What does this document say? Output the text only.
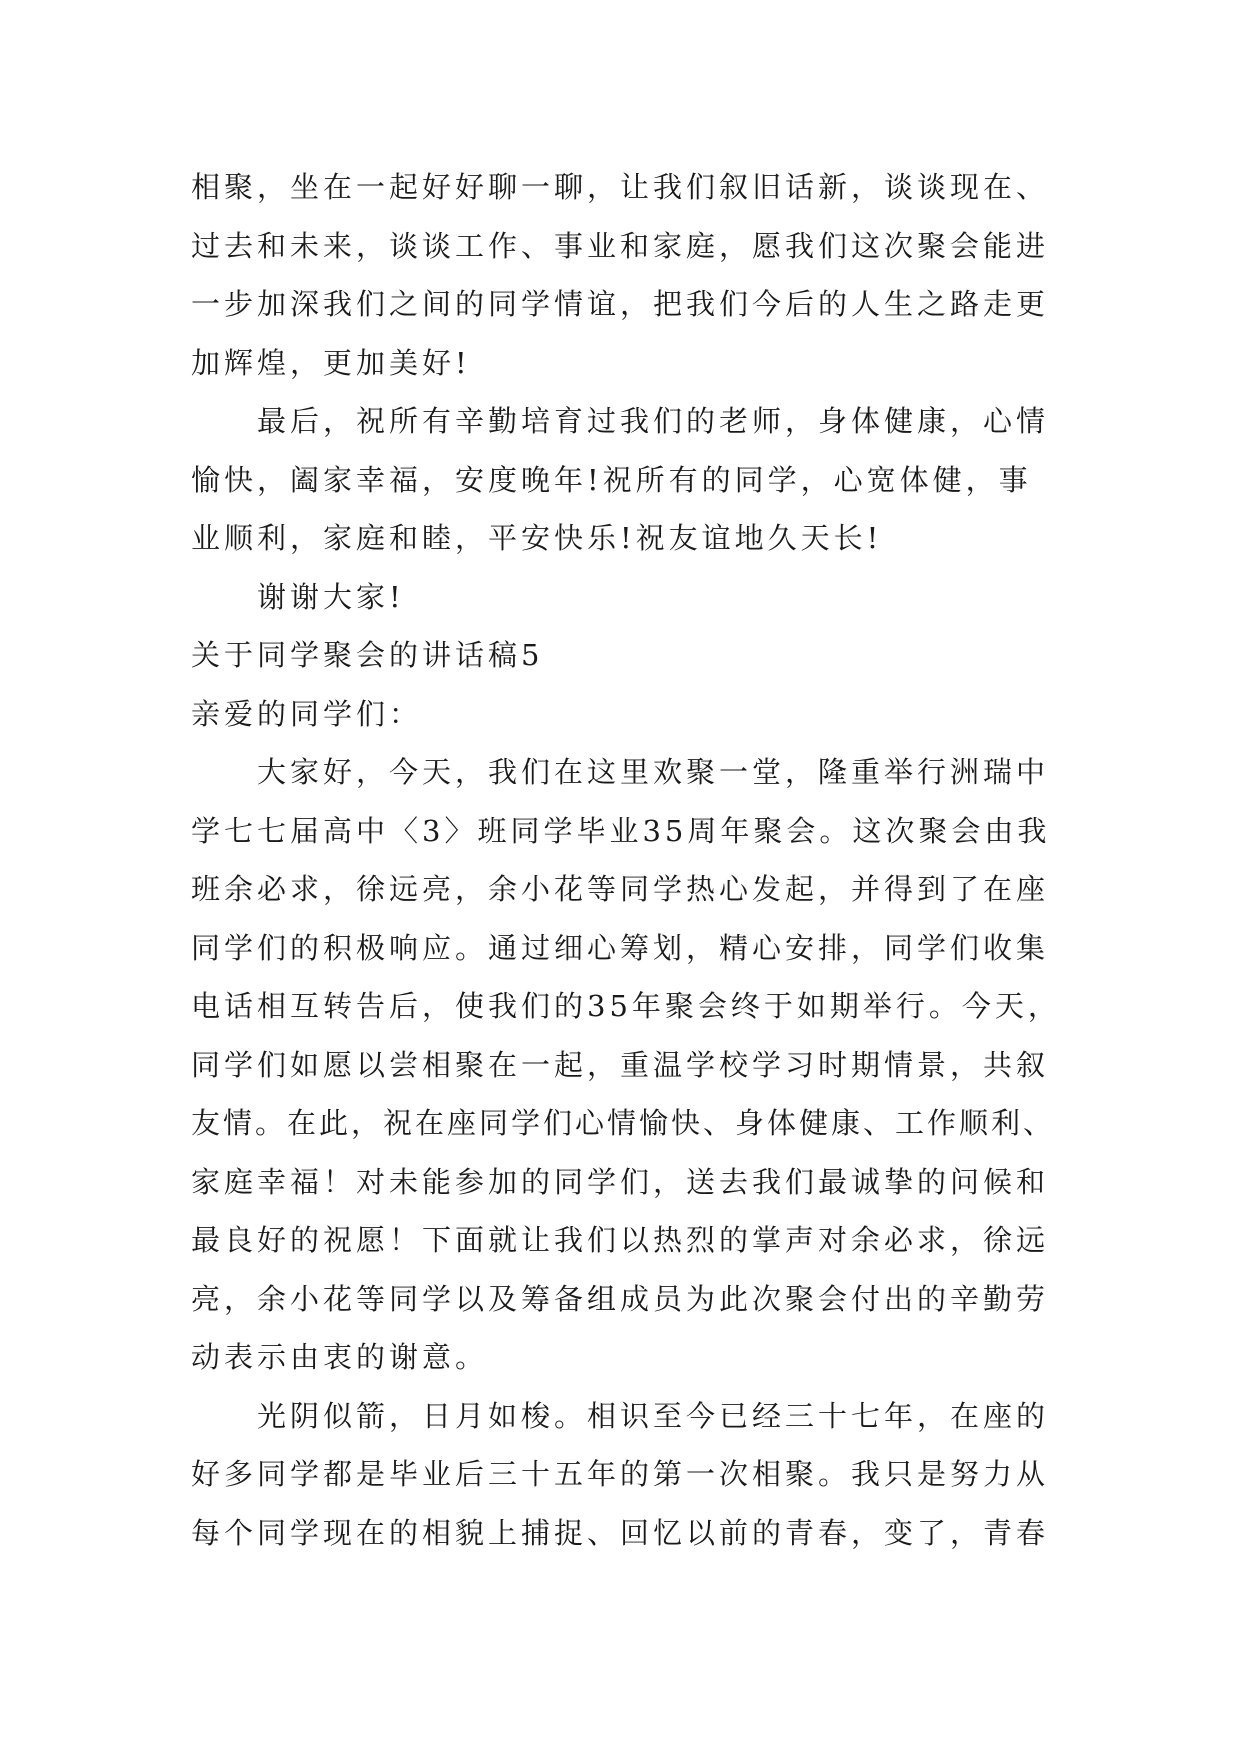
相聚，坐在一起好好聊一聊，让我们叙旧话新，谈谈现在、
过去和未来，谈谈工作、事业和家庭，愿我们这次聚会能进
一步加深我们之间的同学情谊，把我们今后的人生之路走更
加辉煌，更加美好!
最后，祝所有辛勤培育过我们的老师，身体健康，心情
愉快，阖家幸福，安度晚年!祝所有的同学，心宽体健，事
业顺利，家庭和睦，平安快乐!祝友谊地久天长!
谢谢大家!
关于同学聚会的讲话稿5
亲爱的同学们：
大家好，今天，我们在这里欢聚一堂，隆重举行洲瑞中
学七七届高中〈3〉班同学毕业35周年聚会。这次聚会由我
班余必求，徐远亮，余小花等同学热心发起，并得到了在座
同学们的积极响应。通过细心筹划，精心安排，同学们收集
电话相互转告后，使我们的35年聚会终于如期举行。今天，
同学们如愿以尝相聚在一起，重温学校学习时期情景，共叙
友情。在此，祝在座同学们心情愉快、身体健康、工作顺利、
家庭幸福！对未能参加的同学们，送去我们最诚挚的问候和
最良好的祝愿！下面就让我们以热烈的掌声对余必求，徐远
亮，余小花等同学以及筹备组成员为此次聚会付出的辛勤劳
动表示由衷的谢意。
光阴似箭，日月如梭。相识至今已经三十七年，在座的
好多同学都是毕业后三十五年的第一次相聚。我只是努力从
每个同学现在的相貌上捕捉、回忆以前的青春，变了，青春
